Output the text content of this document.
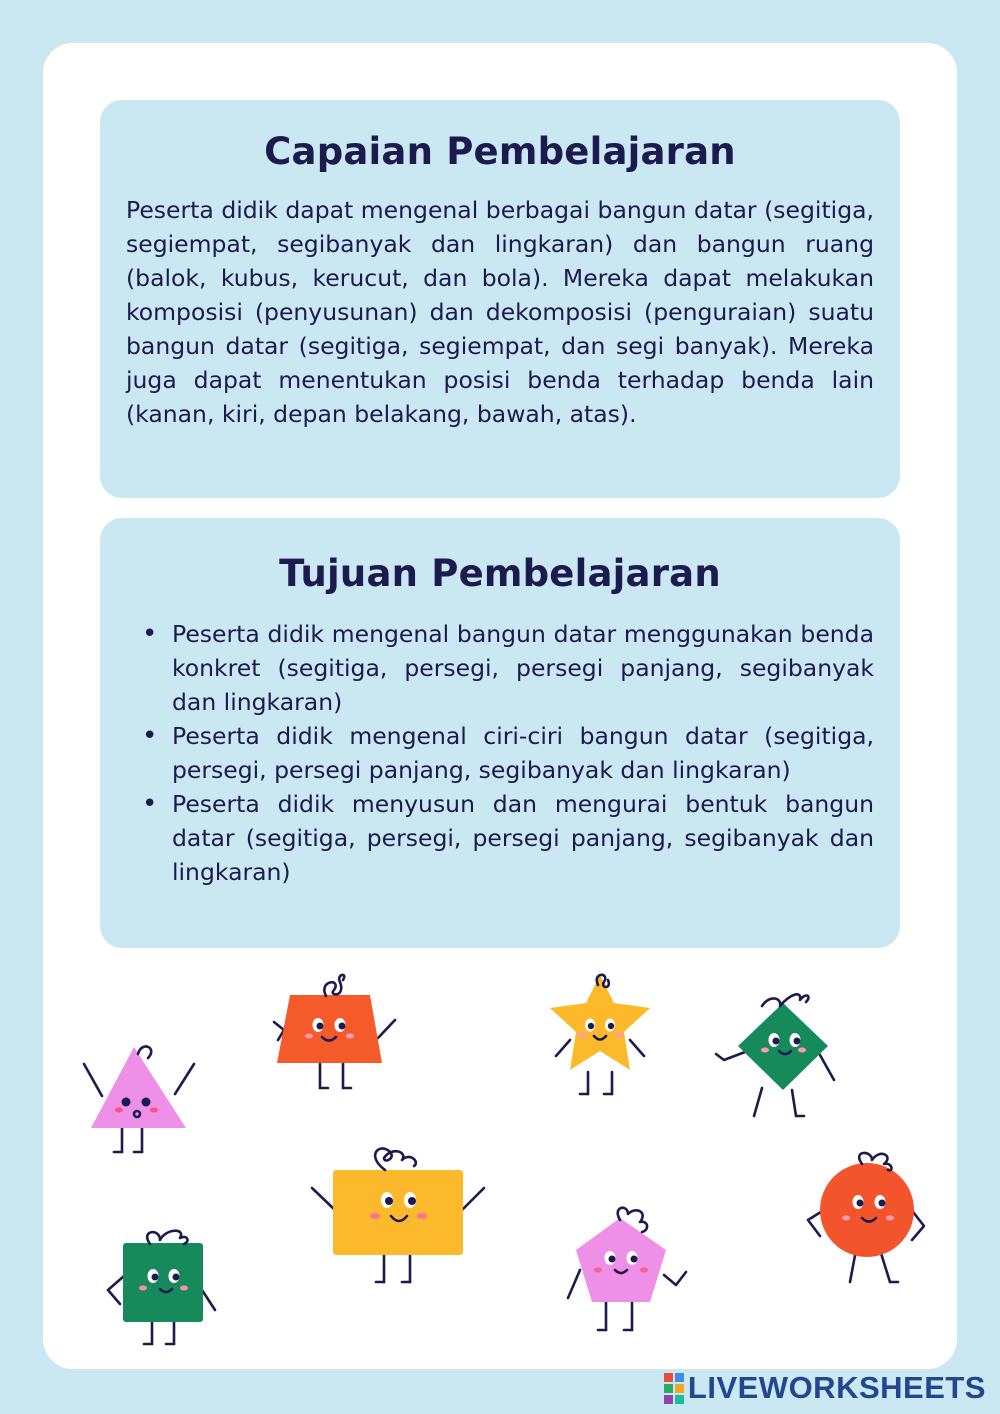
Capaian Pembelajaran

Peserta didik dapat mengenal berbagai bangun datar (segitiga, segiempat, segibanyak dan lingkaran) dan bangun ruang (balok, kubus, kerucut, dan bola). Mereka dapat melakukan komposisi (penyusunan) dan dekomposisi (penguraian) suatu bangun datar (segitiga, segiempat, dan segi banyak). Mereka juga dapat menentukan posisi benda terhadap benda lain (kanan, kiri, depan belakang, bawah, atas).

Tujuan Pembelajaran
• Peserta didik mengenal bangun datar menggunakan benda konkret (segitiga, persegi, persegi panjang, segibanyak dan lingkaran)
• Peserta didik mengenal ciri-ciri bangun datar (segitiga, persegi, persegi panjang, segibanyak dan lingkaran)
• Peserta didik menyusun dan mengurai bentuk bangun datar (segitiga, persegi, persegi panjang, segibanyak dan lingkaran)
LIVEWORKSHEETS
